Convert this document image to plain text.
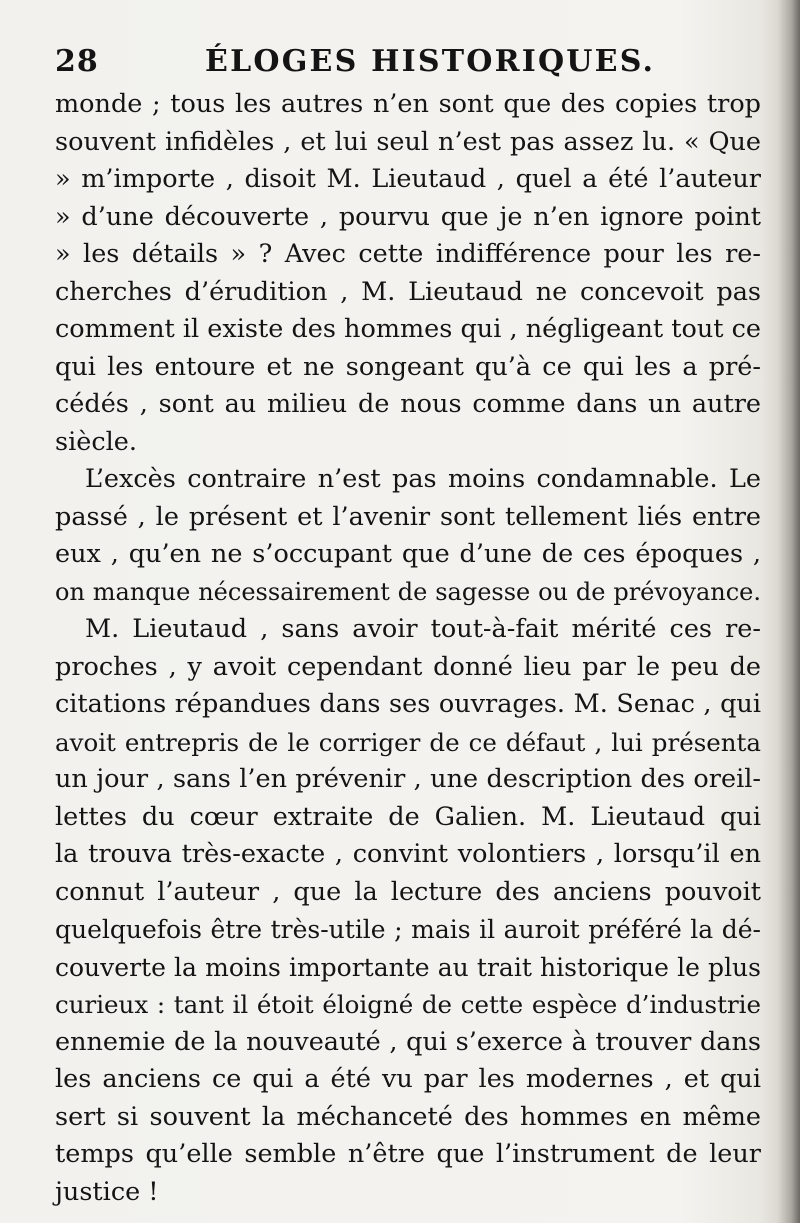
28	ÉLOGES HISTORIQUES.

monde ; tous les autres n’en sont que des copies trop
souvent infidèles , et lui seul n’est pas assez lu. « Que
» m’importe , disoit M. Lieutaud , quel a été l’auteur
» d’une découverte , pourvu que je n’en ignore point
» les détails » ? Avec cette indifférence pour les re-
cherches d’érudition , M. Lieutaud ne concevoit pas
comment il existe des hommes qui , négligeant tout ce
qui les entoure et ne songeant qu’à ce qui les a pré-
cédés , sont au milieu de nous comme dans un autre
siècle.

L’excès contraire n’est pas moins condamnable. Le
passé , le présent et l’avenir sont tellement liés entre
eux , qu’en ne s’occupant que d’une de ces époques ,
on manque nécessairement de sagesse ou de prévoyance.

M. Lieutaud , sans avoir tout-à-fait mérité ces re-
proches , y avoit cependant donné lieu par le peu de
citations répandues dans ses ouvrages. M. Senac , qui
avoit entrepris de le corriger de ce défaut , lui présenta
un jour , sans l’en prévenir , une description des oreil-
lettes du cœur extraite de Galien. M. Lieutaud qui
la trouva très-exacte , convint volontiers , lorsqu’il en
connut l’auteur , que la lecture des anciens pouvoit
quelquefois être très-utile ; mais il auroit préféré la dé-
couverte la moins importante au trait historique le plus
curieux : tant il étoit éloigné de cette espèce d’industrie
ennemie de la nouveauté , qui s’exerce à trouver dans
les anciens ce qui a été vu par les modernes , et qui
sert si souvent la méchanceté des hommes en même
temps qu’elle semble n’être que l’instrument de leur
justice !
